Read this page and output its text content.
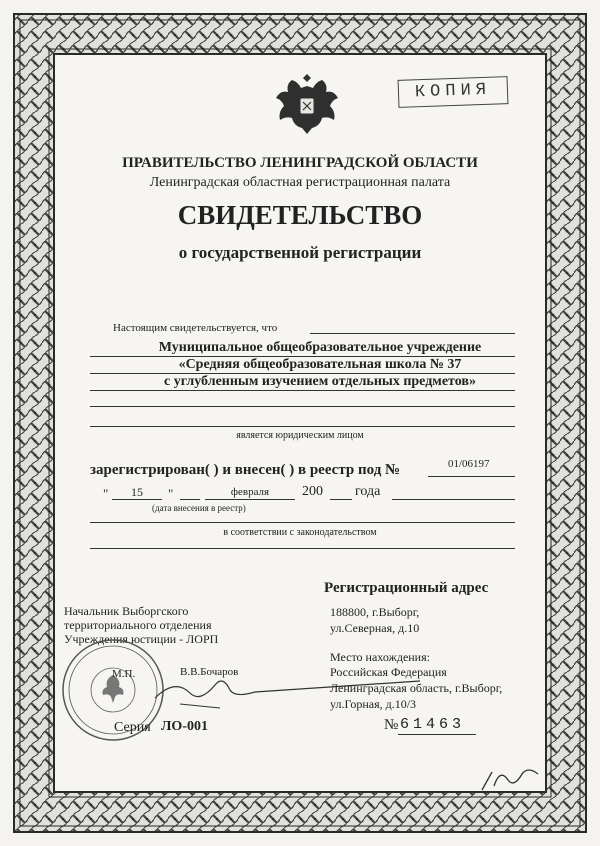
КОПИЯ
ПРАВИТЕЛЬСТВО ЛЕНИНГРАДСКОЙ ОБЛАСТИ
Ленинградская областная регистрационная палата
СВИДЕТЕЛЬСТВО
о государственной регистрации
Настоящим свидетельствуется, что
Муниципальное общеобразовательное учреждение
«Средняя общеобразовательная школа № 37
с углубленным изучением отдельных предметов»
является юридическим лицом
зарегистрирован( ) и внесен( ) в реестр под №	01/06197
"	15	"	февраля	200 года
(дата внесения в реестр)
в соответствии с законодательством
Начальник Выборгского
территориального отделения
Учреждения юстиции - ЛОРП
М.П.	В.В.Бочаров
Регистрационный адрес
188800, г.Выборг,
ул.Северная, д.10
Место нахождения:
Российская Федерация
Ленинградская область, г.Выборг,
ул.Горная, д.10/3
Серия ЛО-001	№ 61463
